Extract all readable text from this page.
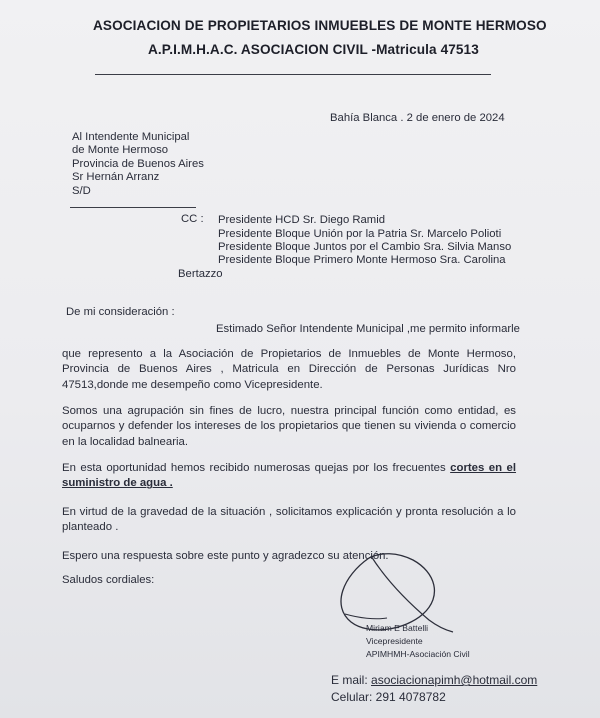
ASOCIACION DE PROPIETARIOS INMUEBLES DE MONTE HERMOSO
A.P.I.M.H.A.C. ASOCIACION CIVIL -Matricula 47513
Bahía Blanca . 2 de enero de 2024
Al Intendente Municipal
de Monte Hermoso
Provincia de Buenos Aires
Sr Hernán Arranz
S/D
CC : Presidente HCD Sr. Diego Ramid
Presidente Bloque Unión por la Patria Sr. Marcelo Polioti
Presidente Bloque Juntos por el Cambio Sra. Silvia Manso
Presidente Bloque Primero Monte Hermoso Sra. Carolina
Bertazzo
De mi consideración :
Estimado Señor Intendente Municipal ,me permito informarle
que represento a la Asociación de Propietarios de Inmuebles de Monte Hermoso, Provincia de Buenos Aires , Matricula en Dirección de Personas Jurídicas Nro 47513,donde me desempeño como Vicepresidente.
Somos una agrupación sin fines de lucro, nuestra principal función como entidad, es ocuparnos y defender los intereses de los propietarios que tienen su vivienda o comercio en la localidad balnearia.
En esta oportunidad hemos recibido numerosas quejas por los frecuentes cortes en el suministro de agua .
En virtud de la gravedad de la situación , solicitamos explicación y pronta resolución a lo planteado .
Espero una respuesta sobre este punto y agradezco su atención.
Saludos cordiales:
Miriam E Battelli
Vicepresidente
APIMHMH-Asociación Civil
E mail: asociacionapimh@hotmail.com
Celular: 291 4078782
